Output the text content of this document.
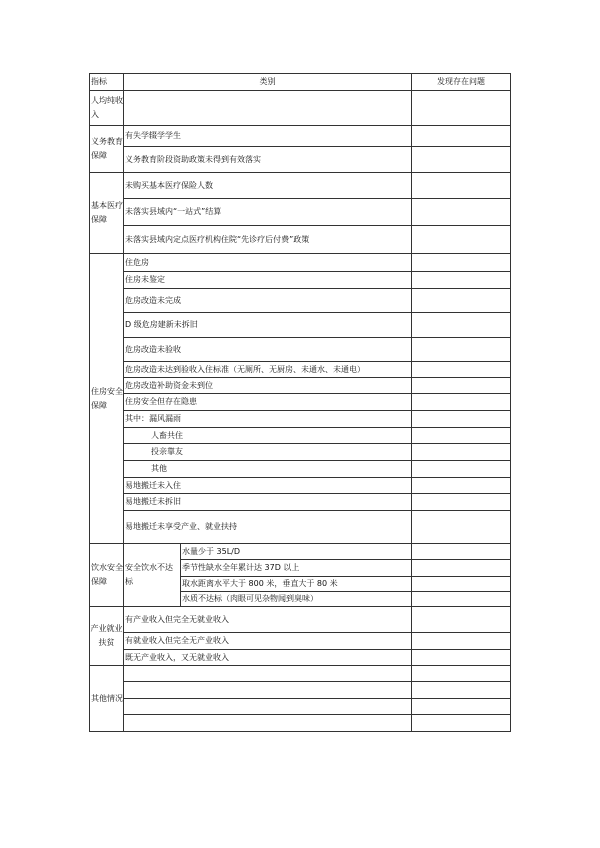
指标	类别	发现存在问题
人均纯收入
义务教育保障
有失学辍学学生
义务教育阶段资助政策未得到有效落实
基本医疗保障
未购买基本医疗保险人数
未落实县域内“一站式”结算
未落实县域内定点医疗机构住院“先诊疗后付费”政策
住房安全保障
住危房
住房未鉴定
危房改造未完成
D 级危房建新未拆旧
危房改造未验收
危房改造未达到验收入住标准（无厕所、无厨房、未通水、未通电）
危房改造补助资金未到位
住房安全但存在隐患
其中：漏风漏雨
人畜共住
投亲靠友
其他
易地搬迁未入住
易地搬迁未拆旧
易地搬迁未享受产业、就业扶持
饮水安全保障
安全饮水不达标
水量少于 35L/D
季节性缺水全年累计达 37D 以上
取水距离水平大于 800 米，垂直大于 80 米
水质不达标（肉眼可见杂物闻到臭味）
产业就业扶贫
有产业收入但完全无就业收入
有就业收入但完全无产业收入
既无产业收入，又无就业收入
其他情况
